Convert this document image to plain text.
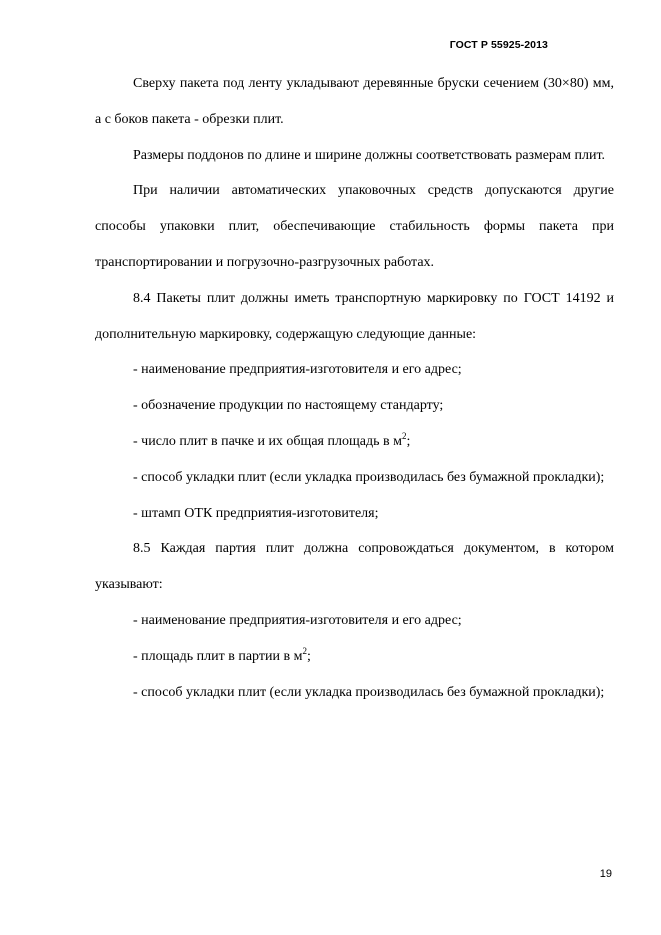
ГОСТ Р 55925-2013

Сверху пакета под ленту укладывают деревянные бруски сечением (30×80) мм, а с боков пакета - обрезки плит.

Размеры поддонов по длине и ширине должны соответствовать размерам плит.

При наличии автоматических упаковочных средств допускаются другие способы упаковки плит, обеспечивающие стабильность формы пакета при транспортировании и погрузочно-разгрузочных работах.

8.4 Пакеты плит должны иметь транспортную маркировку по ГОСТ 14192 и дополнительную маркировку, содержащую следующие данные:

- наименование предприятия-изготовителя и его адрес;

- обозначение продукции по настоящему стандарту;

- число плит в пачке и их общая площадь в $м^2$;

- способ укладки плит (если укладка производилась без бумажной прокладки);

- штамп ОТК предприятия-изготовителя;

8.5 Каждая партия плит должна сопровождаться документом, в котором указывают:

- наименование предприятия-изготовителя и его адрес;

- площадь плит в партии в $м^2$;

- способ укладки плит (если укладка производилась без бумажной прокладки);

19
